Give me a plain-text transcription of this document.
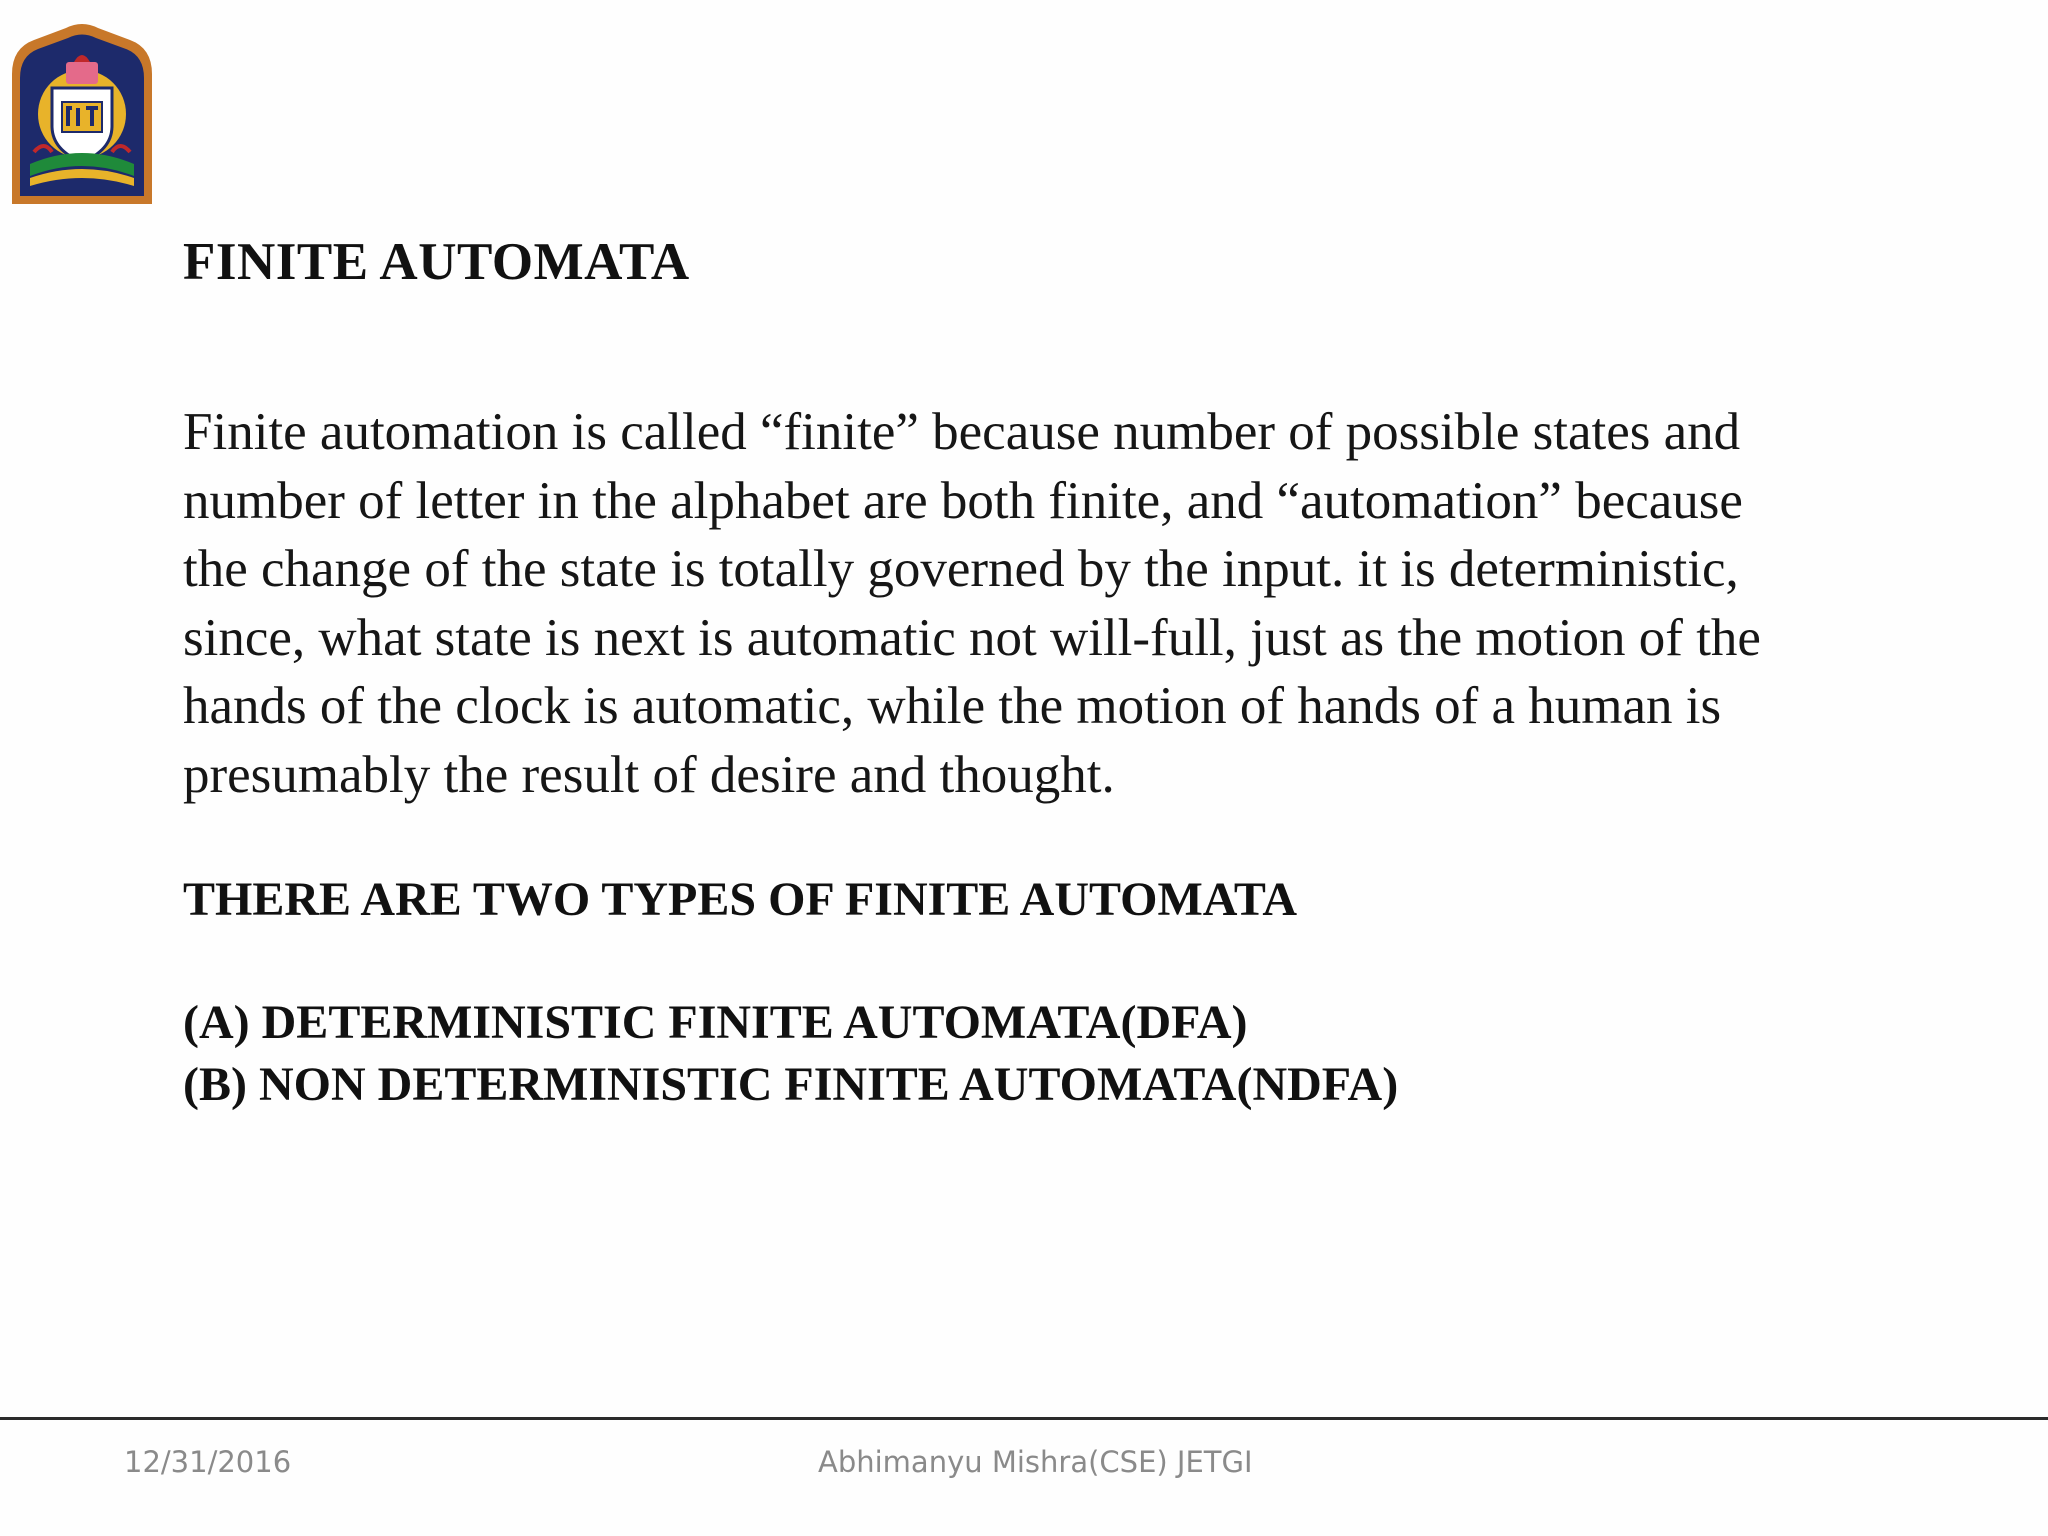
FINITE AUTOMATA
Finite automation is called “finite” because number of possible states and
number of letter in the alphabet are both finite, and “automation” because
the change of the state is totally governed by the input. it is deterministic,
since, what state is next is automatic not will-full, just as the motion of the
hands of the clock is automatic, while the motion of hands of a human is
presumably the result of desire and thought.
THERE ARE TWO TYPES OF FINITE AUTOMATA
(A) DETERMINISTIC FINITE AUTOMATA(DFA)
(B) NON DETERMINISTIC FINITE AUTOMATA(NDFA)
12/31/2016	Abhimanyu Mishra(CSE) JETGI
